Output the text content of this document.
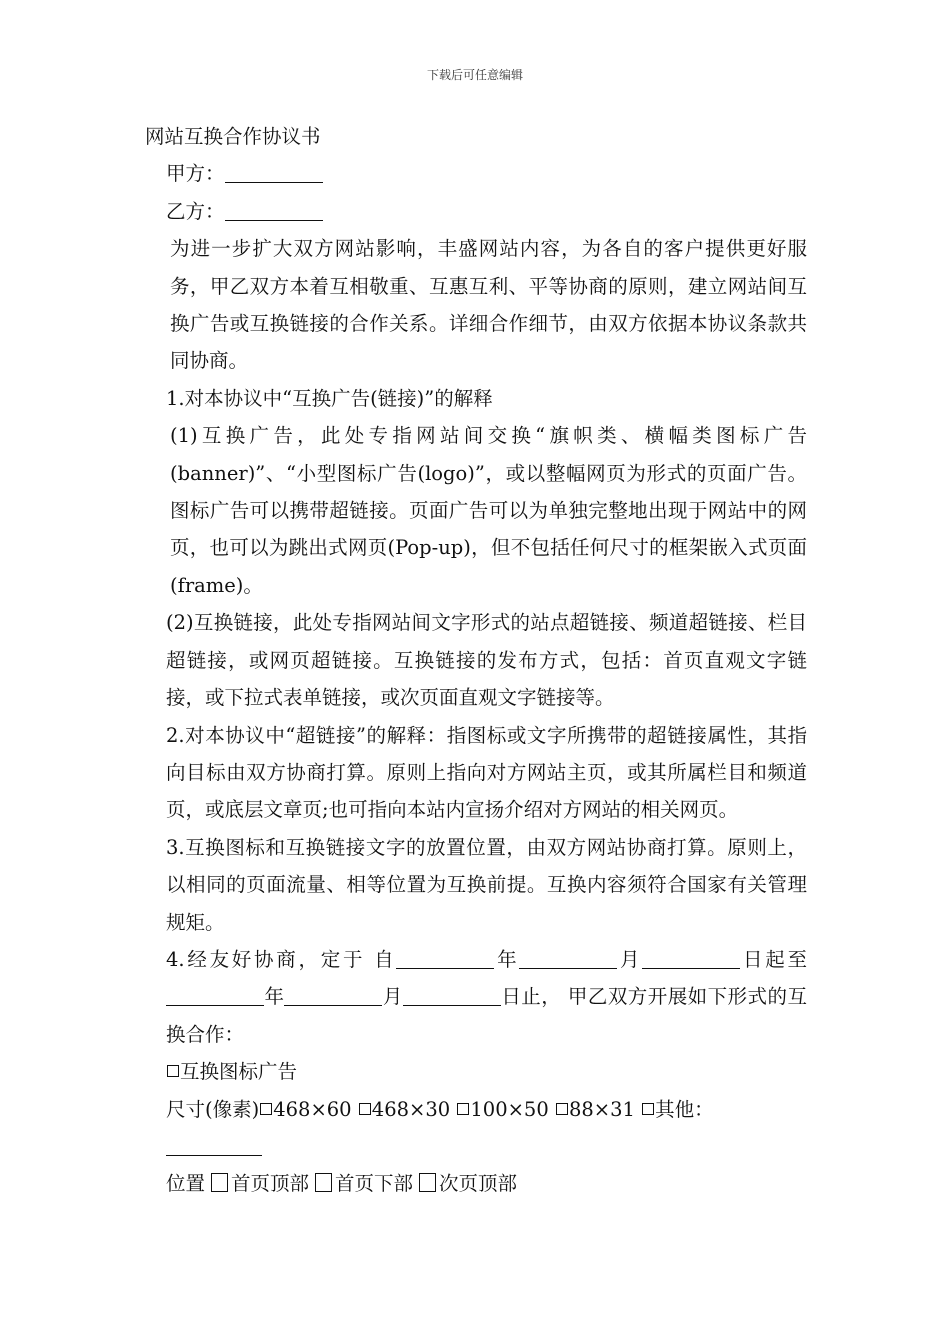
下载后可任意编辑

网站互换合作协议书

甲方：

乙方：

为进一步扩大双方网站影响，丰盛网站内容，为各自的客户提供更好服务，甲乙双方本着互相敬重、互惠互利、平等协商的原则，建立网站间互换广告或互换链接的合作关系。详细合作细节，由双方依据本协议条款共同协商。

1.对本协议中“互换广告(链接)”的解释

(1)互换广告，此处专指网站间交换“旗帜类、横幅类图标广告(banner)”、“小型图标广告(logo)”，或以整幅网页为形式的页面广告。图标广告可以携带超链接。页面广告可以为单独完整地出现于网站中的网页，也可以为跳出式网页(Pop-up)，但不包括任何尺寸的框架嵌入式页面(frame)。

(2)互换链接，此处专指网站间文字形式的站点超链接、频道超链接、栏目超链接，或网页超链接。互换链接的发布方式，包括：首页直观文字链接，或下拉式表单链接，或次页面直观文字链接等。

2.对本协议中“超链接”的解释：指图标或文字所携带的超链接属性，其指向目标由双方协商打算。原则上指向对方网站主页，或其所属栏目和频道页，或底层文章页;也可指向本站内宣扬介绍对方网站的相关网页。

3.互换图标和互换链接文字的放置位置，由双方网站协商打算。原则上，以相同的页面流量、相等位置为互换前提。互换内容须符合国家有关管理规矩。

4.经友好协商，定于 自	年	月	日起至年	月	日止， 甲乙双方开展如下形式的互换合作：

互换图标广告

尺寸(像素) 468×60 468×30 100×50 88×31 其他：

位置 首页顶部 首页下部 次页顶部
